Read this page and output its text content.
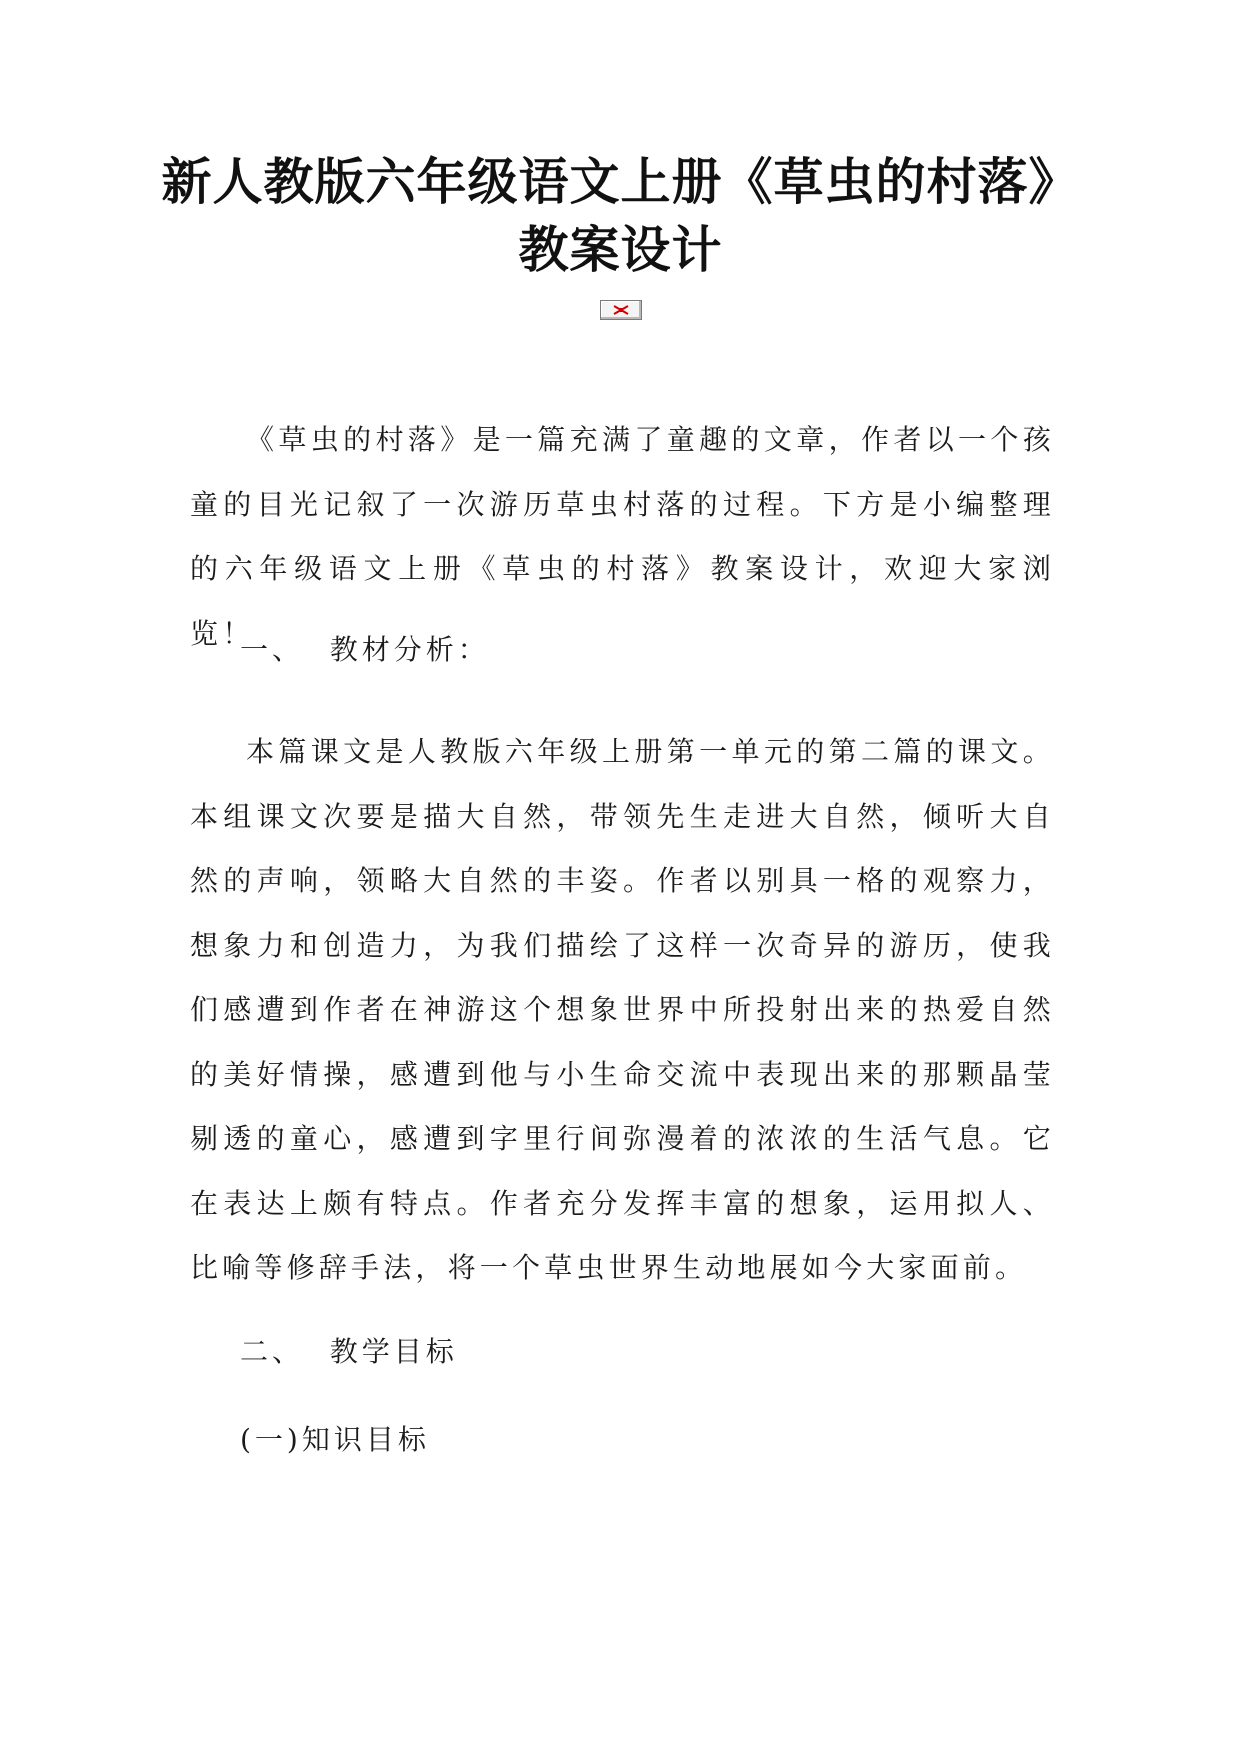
新人教版六年级语文上册《草虫的村落》
教案设计

《草虫的村落》是一篇充满了童趣的文章，作者以一个孩童的目光记叙了一次游历草虫村落的过程。下方是小编整理的六年级语文上册《草虫的村落》教案设计，欢迎大家浏览！

一、  教材分析：

本篇课文是人教版六年级上册第一单元的第二篇的课文。本组课文次要是描大自然，带领先生走进大自然，倾听大自然的声响，领略大自然的丰姿。作者以别具一格的观察力，想象力和创造力，为我们描绘了这样一次奇异的游历，使我们感遭到作者在神游这个想象世界中所投射出来的热爱自然的美好情操，感遭到他与小生命交流中表现出来的那颗晶莹剔透的童心，感遭到字里行间弥漫着的浓浓的生活气息。它在表达上颇有特点。作者充分发挥丰富的想象，运用拟人、比喻等修辞手法，将一个草虫世界生动地展如今大家面前。

二、  教学目标
(一)知识目标
